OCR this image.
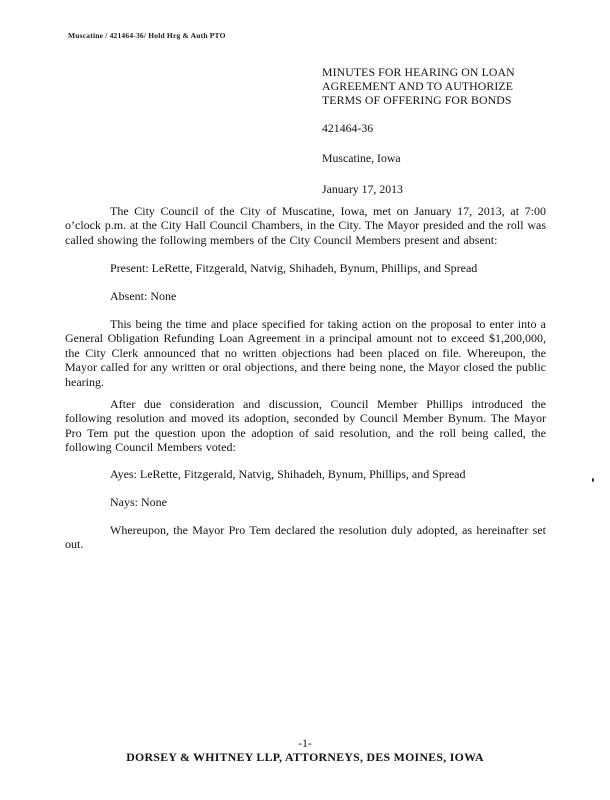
Muscatine / 421464-36/ Hold Hrg & Auth PTO
MINUTES FOR HEARING ON LOAN
AGREEMENT AND TO AUTHORIZE
TERMS OF OFFERING FOR BONDS
421464-36
Muscatine, Iowa
January 17, 2013
The City Council of the City of Muscatine, Iowa, met on January 17, 2013, at 7:00 o’clock p.m. at the City Hall Council Chambers, in the City. The Mayor presided and the roll was called showing the following members of the City Council Members present and absent:
Present: LeRette, Fitzgerald, Natvig, Shihadeh, Bynum, Phillips, and Spread
Absent: None
This being the time and place specified for taking action on the proposal to enter into a General Obligation Refunding Loan Agreement in a principal amount not to exceed $1,200,000, the City Clerk announced that no written objections had been placed on file. Whereupon, the Mayor called for any written or oral objections, and there being none, the Mayor closed the public hearing.
After due consideration and discussion, Council Member Phillips introduced the following resolution and moved its adoption, seconded by Council Member Bynum. The Mayor Pro Tem put the question upon the adoption of said resolution, and the roll being called, the following Council Members voted:
Ayes: LeRette, Fitzgerald, Natvig, Shihadeh, Bynum, Phillips, and Spread
Nays: None
Whereupon, the Mayor Pro Tem declared the resolution duly adopted, as hereinafter set out.
-1-
DORSEY & WHITNEY LLP, ATTORNEYS, DES MOINES, IOWA
